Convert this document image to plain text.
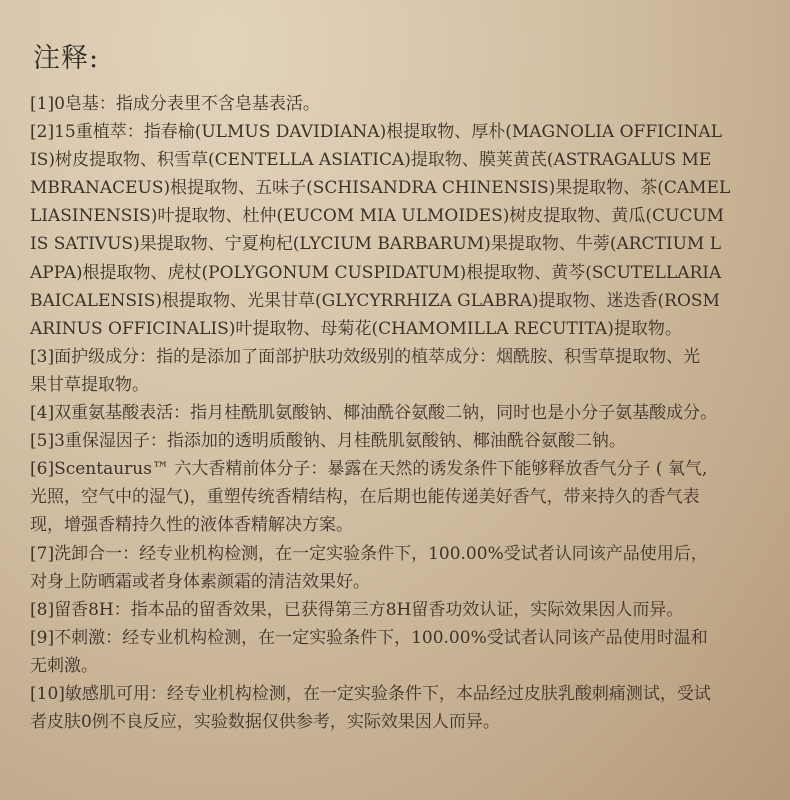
注释:
[1]0皂基：指成分表里不含皂基表活。
[2]15重植萃：指春榆(ULMUS DAVIDIANA)根提取物、厚朴(MAGNOLIA OFFICINAL
IS)树皮提取物、积雪草(CENTELLA ASIATICA)提取物、膜荚黄芪(ASTRAGALUS ME
MBRANACEUS)根提取物、五味子(SCHISANDRA CHINENSIS)果提取物、茶(CAMEL
LIASINENSIS)叶提取物、杜仲(EUCOM MIA ULMOIDES)树皮提取物、黄瓜(CUCUM
IS SATIVUS)果提取物、宁夏枸杞(LYCIUM BARBARUM)果提取物、牛蒡(ARCTIUM L
APPA)根提取物、虎杖(POLYGONUM CUSPIDATUM)根提取物、黄芩(SCUTELLARIA
BAICALENSIS)根提取物、光果甘草(GLYCYRRHIZA GLABRA)提取物、迷迭香(ROSM
ARINUS OFFICINALIS)叶提取物、母菊花(CHAMOMILLA RECUTITA)提取物。
[3]面护级成分：指的是添加了面部护肤功效级别的植萃成分：烟酰胺、积雪草提取物、光
果甘草提取物。
[4]双重氨基酸表活：指月桂酰肌氨酸钠、椰油酰谷氨酸二钠，同时也是小分子氨基酸成分。
[5]3重保湿因子：指添加的透明质酸钠、月桂酰肌氨酸钠、椰油酰谷氨酸二钠。
[6]Scentaurus™ 六大香精前体分子：暴露在天然的诱发条件下能够释放香气分子 ( 氧气,
光照，空气中的湿气)，重塑传统香精结构，在后期也能传递美好香气，带来持久的香气表
现，增强香精持久性的液体香精解决方案。
[7]洗卸合一：经专业机构检测，在一定实验条件下，100.00%受试者认同该产品使用后，
对身上防晒霜或者身体素颜霜的清洁效果好。
[8]留香8H：指本品的留香效果，已获得第三方8H留香功效认证，实际效果因人而异。
[9]不刺激：经专业机构检测，在一定实验条件下，100.00%受试者认同该产品使用时温和
无刺激。
[10]敏感肌可用：经专业机构检测，在一定实验条件下，本品经过皮肤乳酸刺痛测试，受试
者皮肤0例不良反应，实验数据仅供参考，实际效果因人而异。
